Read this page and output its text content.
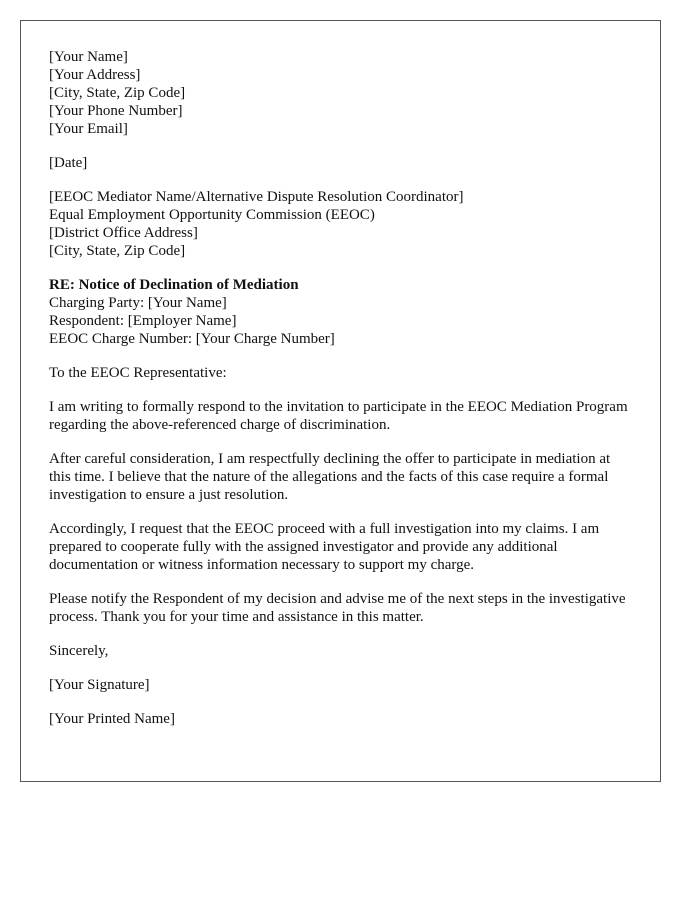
[Your Name]
[Your Address]
[City, State, Zip Code]
[Your Phone Number]
[Your Email]
[Date]
[EEOC Mediator Name/Alternative Dispute Resolution Coordinator]
Equal Employment Opportunity Commission (EEOC)
[District Office Address]
[City, State, Zip Code]
RE: Notice of Declination of Mediation
Charging Party: [Your Name]
Respondent: [Employer Name]
EEOC Charge Number: [Your Charge Number]

To the EEOC Representative:

I am writing to formally respond to the invitation to participate in the EEOC Mediation Program regarding the above-referenced charge of discrimination.

After careful consideration, I am respectfully declining the offer to participate in mediation at this time. I believe that the nature of the allegations and the facts of this case require a formal investigation to ensure a just resolution.

Accordingly, I request that the EEOC proceed with a full investigation into my claims. I am prepared to cooperate fully with the assigned investigator and provide any additional documentation or witness information necessary to support my charge.

Please notify the Respondent of my decision and advise me of the next steps in the investigative process. Thank you for your time and assistance in this matter.

Sincerely,

[Your Signature]

[Your Printed Name]
